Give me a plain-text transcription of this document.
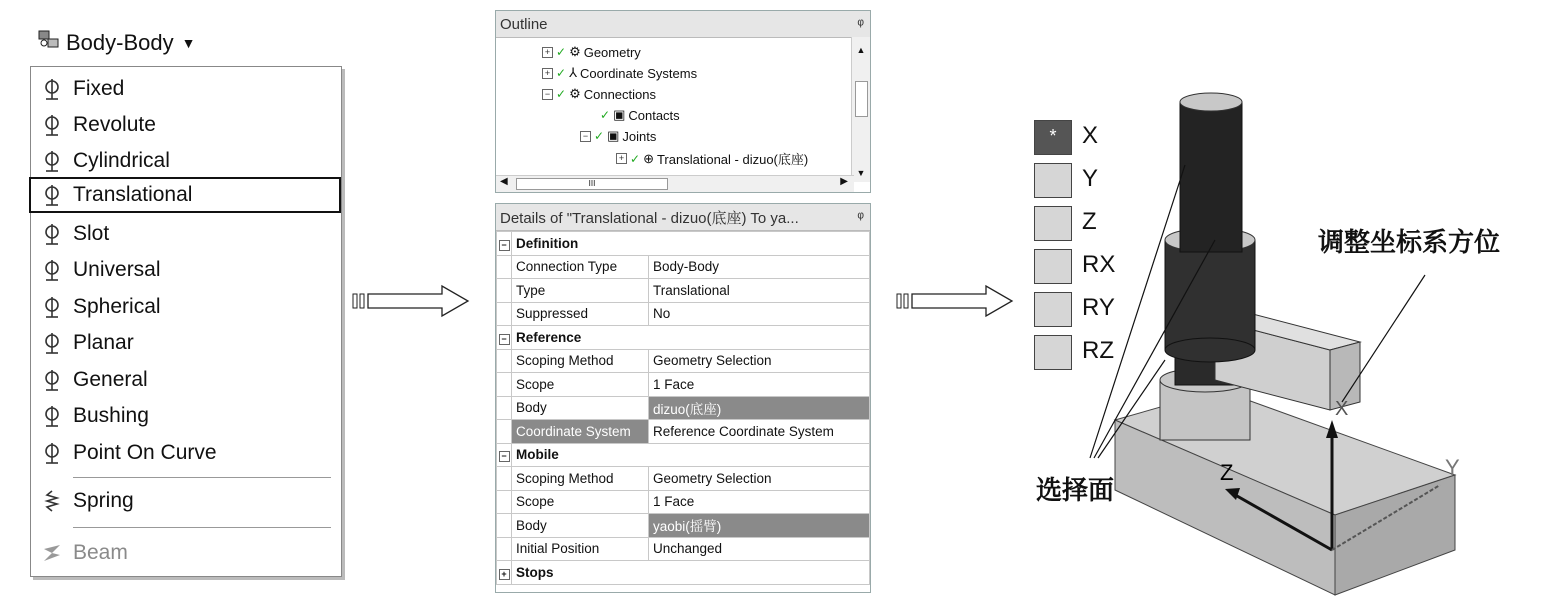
Body-Body ▼
Fixed
Revolute
Cylindrical
Translational
Slot
Universal
Spherical
Planar
General
Bushing
Point On Curve
Spring
Beam
Outline	ᵠ
+ ✓ ⚙ Geometry
+ ✓ ⅄ Coordinate Systems
− ✓ ⚙ Connections
✓ ▣ Contacts
− ✓ ▣ Joints
+ ✓ ⊕ Translational - dizuo(底座)
▲
▼
◀	III	▶
Details of "Translational - dizuo(底座) To ya...	ᵠ
−	Definition	
	Connection Type	Body-Body
	Type	Translational
	Suppressed	No
−	Reference	
	Scoping Method	Geometry Selection
	Scope	1 Face
	Body	dizuo(底座)
	Coordinate System	Reference Coordinate System
−	Mobile	
	Scoping Method	Geometry Selection
	Scope	1 Face
	Body	yaobi(摇臂)
	Initial Position	Unchanged
+	Stops	
*	X
Y
Z
RX
RY
RZ
Z	Y
X
调整坐标系方位
选择面
